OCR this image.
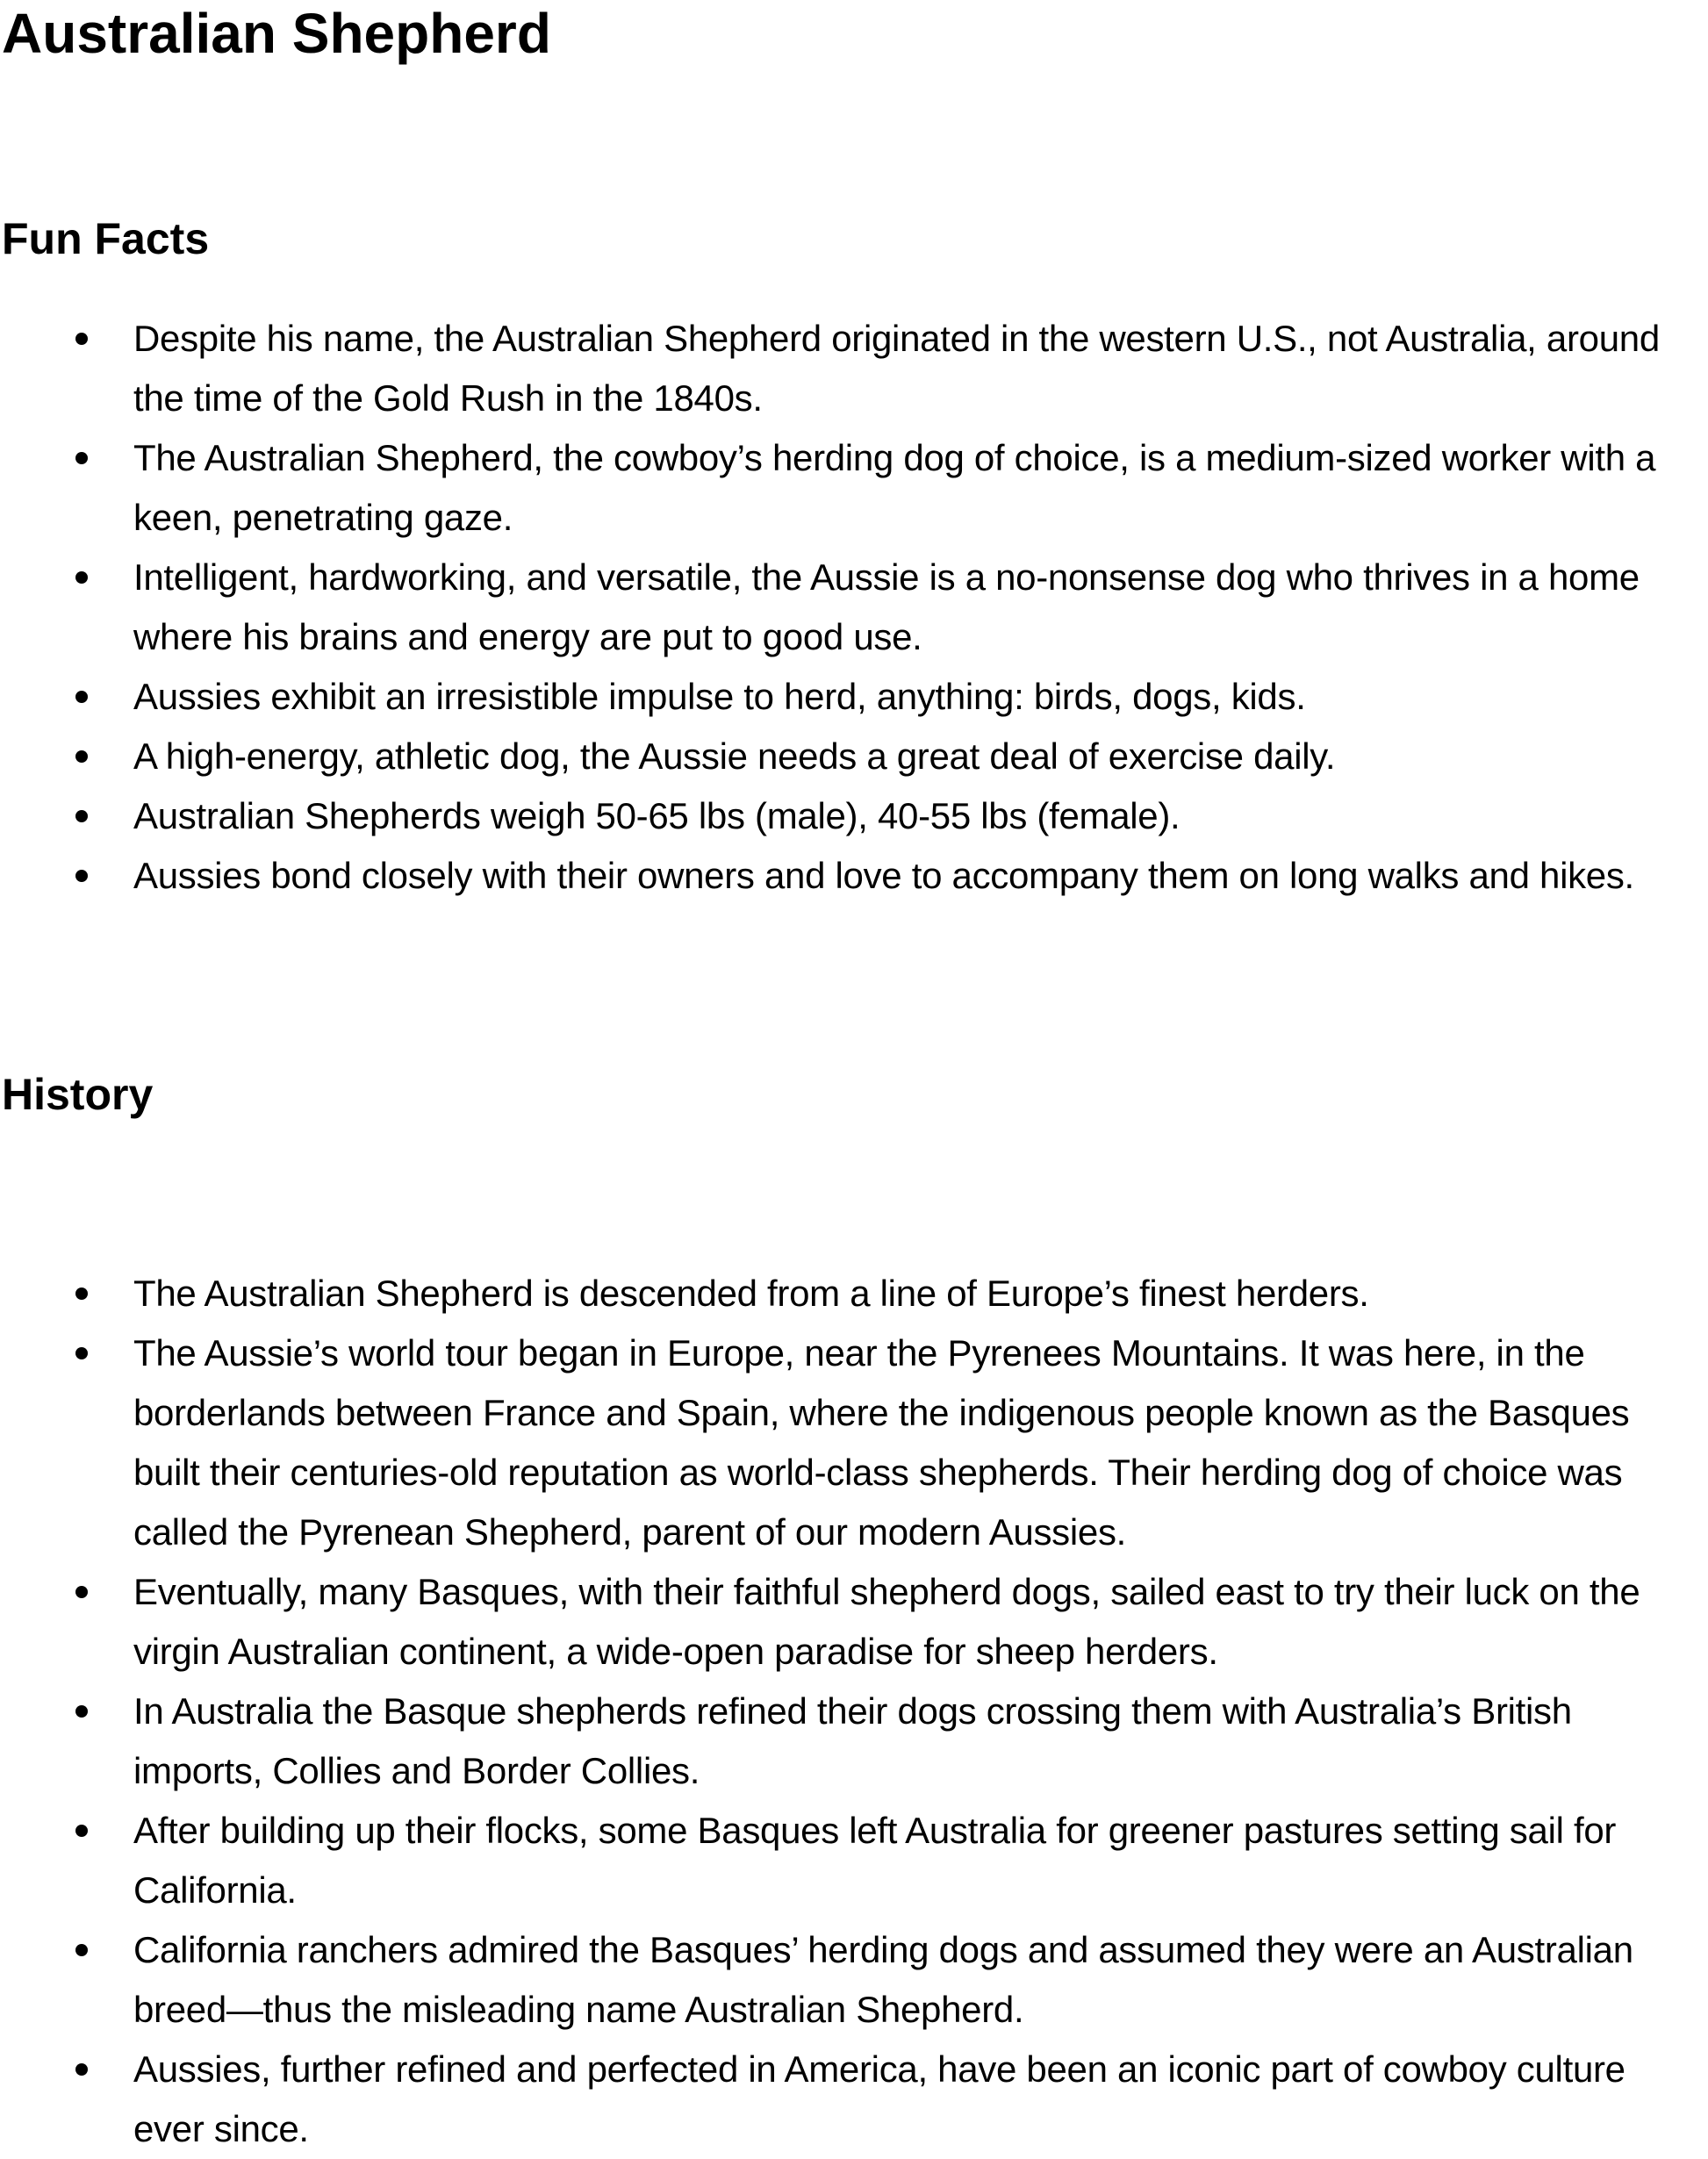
Australian Shepherd
Fun Facts
Despite his name, the Australian Shepherd originated in the western U.S., not Australia, around the time of the Gold Rush in the 1840s.
The Australian Shepherd, the cowboy’s herding dog of choice, is a medium-sized worker with a keen, penetrating gaze.
Intelligent, hardworking, and versatile, the Aussie is a no-nonsense dog who thrives in a home where his brains and energy are put to good use.
Aussies exhibit an irresistible impulse to herd, anything: birds, dogs, kids.
A high-energy, athletic dog, the Aussie needs a great deal of exercise daily.
Australian Shepherds weigh 50-65 lbs (male), 40-55 lbs (female).
Aussies bond closely with their owners and love to accompany them on long walks and hikes.
History
The Australian Shepherd is descended from a line of Europe’s finest herders.
The Aussie’s world tour began in Europe, near the Pyrenees Mountains. It was here, in the borderlands between France and Spain, where the indigenous people known as the Basques built their centuries-old reputation as world-class shepherds. Their herding dog of choice was called the Pyrenean Shepherd, parent of our modern Aussies.
Eventually, many Basques, with their faithful shepherd dogs, sailed east to try their luck on the virgin Australian continent, a wide-open paradise for sheep herders.
In Australia the Basque shepherds refined their dogs crossing them with Australia’s British imports, Collies and Border Collies.
After building up their flocks, some Basques left Australia for greener pastures setting sail for California.
California ranchers admired the Basques’ herding dogs and assumed they were an Australian breed—thus the misleading name Australian Shepherd.
Aussies, further refined and perfected in America, have been an iconic part of cowboy culture ever since.
